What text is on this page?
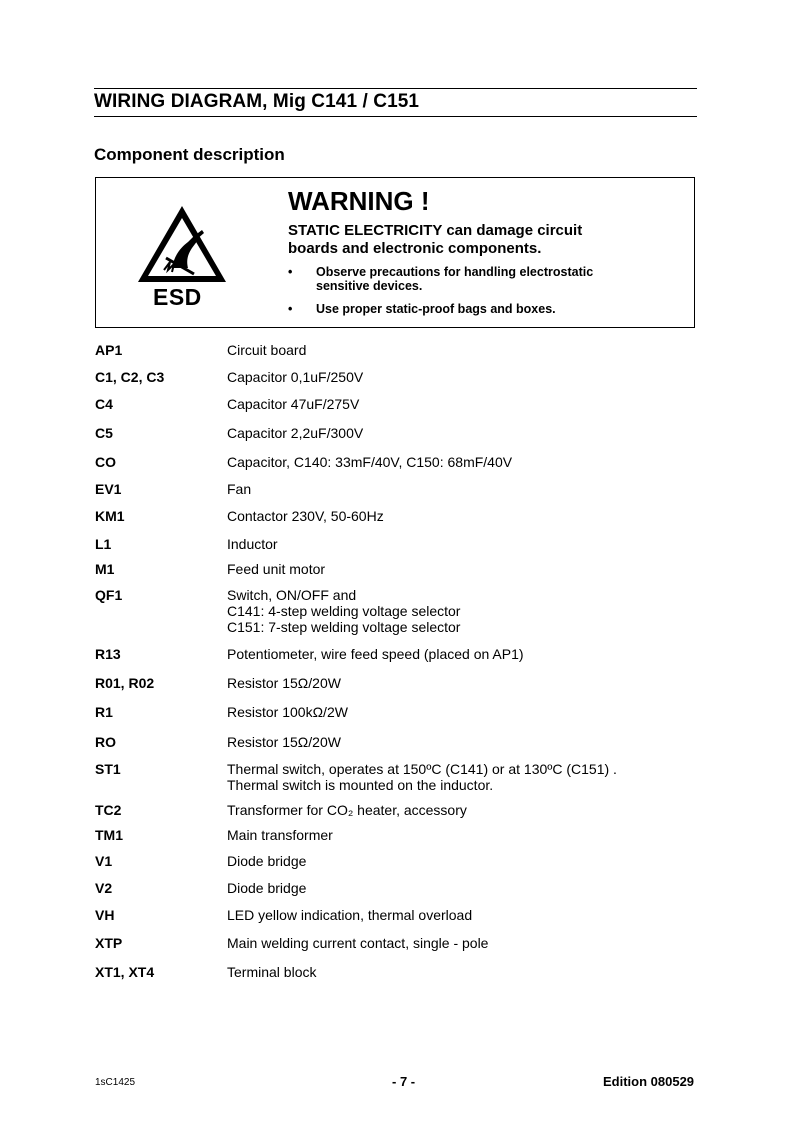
WIRING DIAGRAM, Mig C141 / C151
Component description
ESD
WARNING !
STATIC ELECTRICITY can damage circuit
boards and electronic components.
• Observe precautions for handling electrostatic
sensitive devices.
• Use proper static-proof bags and boxes.
AP1	Circuit board
C1, C2, C3	Capacitor 0,1uF/250V
C4	Capacitor 47uF/275V
C5	Capacitor 2,2uF/300V
CO	Capacitor, C140: 33mF/40V, C150: 68mF/40V
EV1	Fan
KM1	Contactor 230V, 50-60Hz
L1	Inductor
M1	Feed unit motor
QF1	Switch, ON/OFF and
C141: 4-step welding voltage selector
C151: 7-step welding voltage selector
R13	Potentiometer, wire feed speed (placed on AP1)
R01, R02	Resistor 15Ω/20W
R1	Resistor 100kΩ/2W
RO	Resistor 15Ω/20W
ST1	Thermal switch, operates at 150ºC (C141) or at 130ºC (C151) .
Thermal switch is mounted on the inductor.
TC2	Transformer for CO₂ heater, accessory
TM1	Main transformer
V1	Diode bridge
V2	Diode bridge
VH	LED yellow indication, thermal overload
XTP	Main welding current contact, single - pole
XT1, XT4	Terminal block
1sC1425	- 7 -	Edition 080529
